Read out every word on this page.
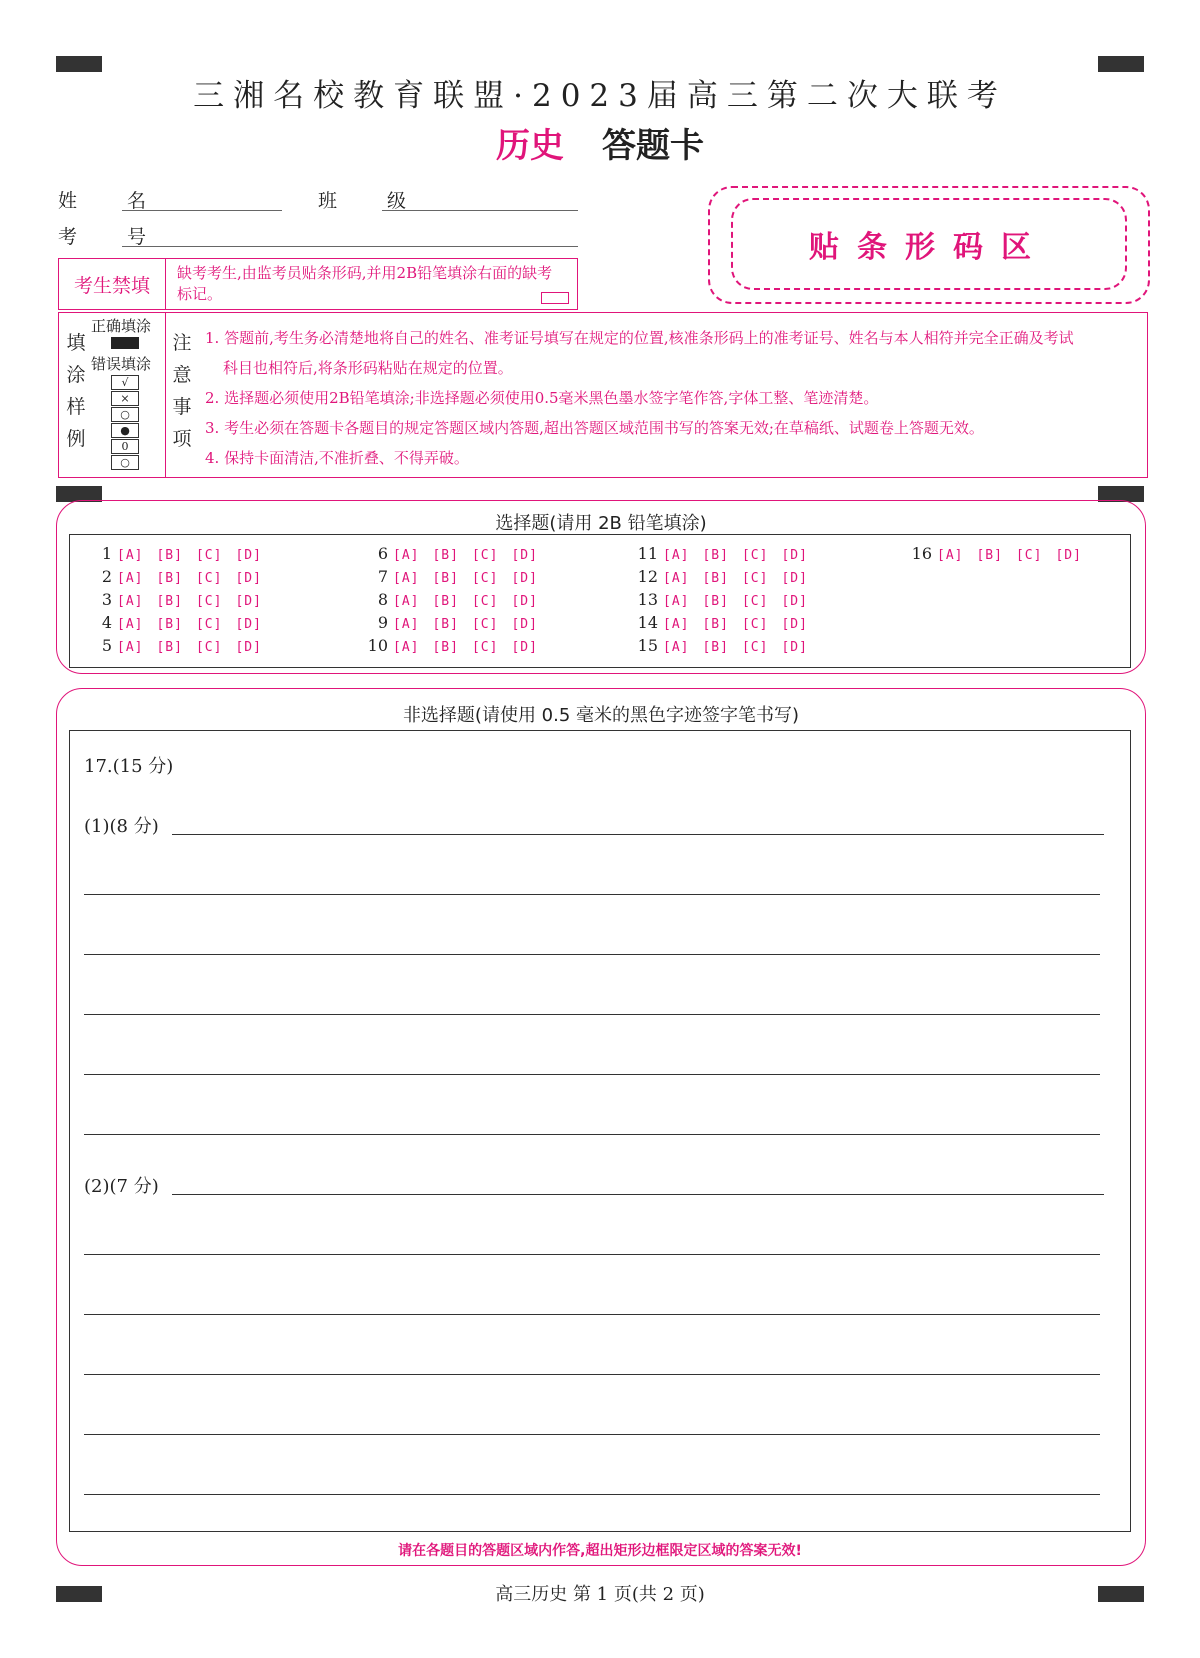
三湘名校教育联盟·2023届高三第二次大联考
历史 答题卡
姓 名	班 级
考 号	贴条形码区
考生禁填
缺考考生,由监考员贴条形码,并用2B铅笔填涂右面的缺考标记。
填
涂
样
例
正确填涂
错误填涂
√
×
○
●
0
○
注
意
事
项
1. 答题前,考生务必清楚地将自己的姓名、准考证号填写在规定的位置,核准条形码上的准考证号、姓名与本人相符并完全正确及考试
科目也相符后,将条形码粘贴在规定的位置。
2. 选择题必须使用2B铅笔填涂;非选择题必须使用0.5毫米黑色墨水签字笔作答,字体工整、笔迹清楚。
3. 考生必须在答题卡各题目的规定答题区域内答题,超出答题区域范围书写的答案无效;在草稿纸、试题卷上答题无效。
4. 保持卡面清洁,不准折叠、不得弄破。
选择题(请用 2B 铅笔填涂)
1 [A] [B] [C] [D]
2 [A] [B] [C] [D]
3 [A] [B] [C] [D]
4 [A] [B] [C] [D]
5 [A] [B] [C] [D]
6 [A] [B] [C] [D]
7 [A] [B] [C] [D]
8 [A] [B] [C] [D]
9 [A] [B] [C] [D]
10 [A] [B] [C] [D]
11 [A] [B] [C] [D]
12 [A] [B] [C] [D]
13 [A] [B] [C] [D]
14 [A] [B] [C] [D]
15 [A] [B] [C] [D]
16 [A] [B] [C] [D]
非选择题(请使用 0.5 毫米的黑色字迹签字笔书写)
17.(15 分)
(1)(8 分)
(2)(7 分)
请在各题目的答题区域内作答,超出矩形边框限定区域的答案无效!
高三历史 第 1 页(共 2 页)
